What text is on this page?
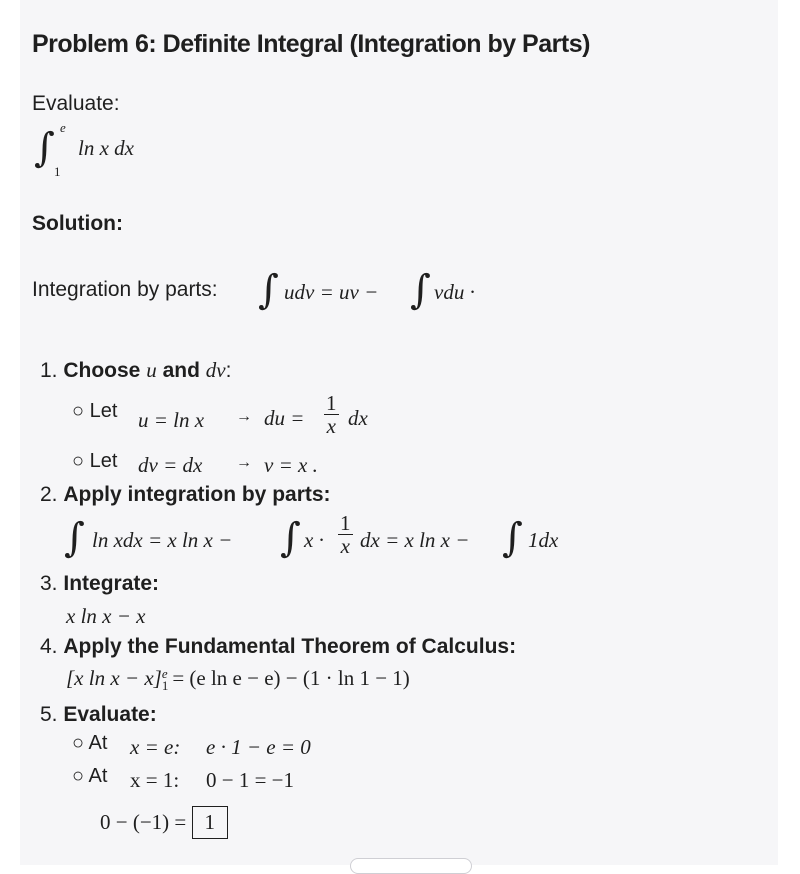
Problem 6: Definite Integral (Integration by Parts)
Evaluate:
∫ e
1
ln x dx
Solution:
Integration by parts: ∫ udv = uv − ∫ vdu ·
1. Choose u and dv:
○ Let u = ln x → du = $\frac{1}{x}$ dx
○ Let dv = dx → v = x .
2. Apply integration by parts:
∫ ln xdx = x ln x − ∫ $x \cdot \frac{1}{x}$ dx = x ln x − ∫ 1dx
3. Integrate:
x ln x − x
4. Apply the Fundamental Theorem of Calculus:
[x ln x − x] e
1 = (e ln e − e) − (1 · ln 1 − 1)
5. Evaluate:
○ At x = e: e · 1 − e = 0
○ At x = 1: 0 − 1 = −1
0 − (−1) = 1
